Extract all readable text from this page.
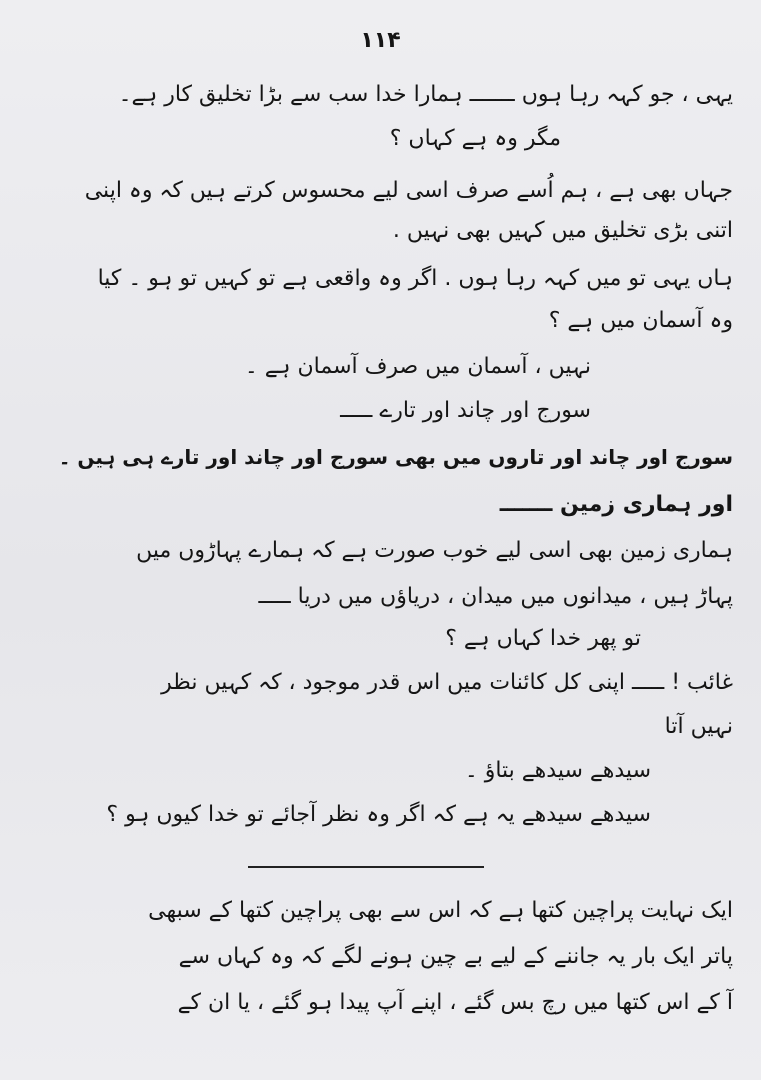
۱۱۴
یہی ، جو کہہ رہا ہوں ـــــــ ہمارا خدا سب سے بڑا تخلیق کار ہے۔
مگر وہ ہے کہاں ؟
جہاں بھی ہے ، ہم اُسے صرف اسی لیے محسوس کرتے ہیں کہ وہ اپنی
اتنی بڑی تخلیق میں کہیں بھی نہیں .
ہاں یہی تو میں کہہ رہا ہوں . اگر وہ واقعی ہے تو کہیں تو ہو ۔ کیا
وہ آسمان میں ہے ؟
نہیں ، آسمان میں صرف آسمان ہے ۔
سورج اور چاند اور تارے ـــــ
سورج اور چاند اور تاروں میں بھی سورج اور چاند اور تارے ہی ہیں ۔
اور ہماری زمین ـــــــ
ہماری زمین بھی اسی لیے خوب صورت ہے کہ ہمارے پہاڑوں میں
پہاڑ ہیں ، میدانوں میں میدان ، دریاؤں میں دریا ـــــ
تو پھر خدا کہاں ہے ؟
غائب ! ـــــ اپنی کل کائنات میں اس قدر موجود ، کہ کہیں نظر
نہیں آتا
سیدھے سیدھے بتاؤ ۔
سیدھے سیدھے یہ ہے کہ اگر وہ نظر آجائے تو خدا کیوں ہو ؟
ایک نہایت پراچین کتھا ہے کہ اس سے بھی پراچین کتھا کے سبھی
پاتر ایک بار یہ جاننے کے لیے بے چین ہونے لگے کہ وہ کہاں سے
آ کے اس کتھا میں رچ بس گئے ، اپنے آپ پیدا ہو گئے ، یا ان کے
